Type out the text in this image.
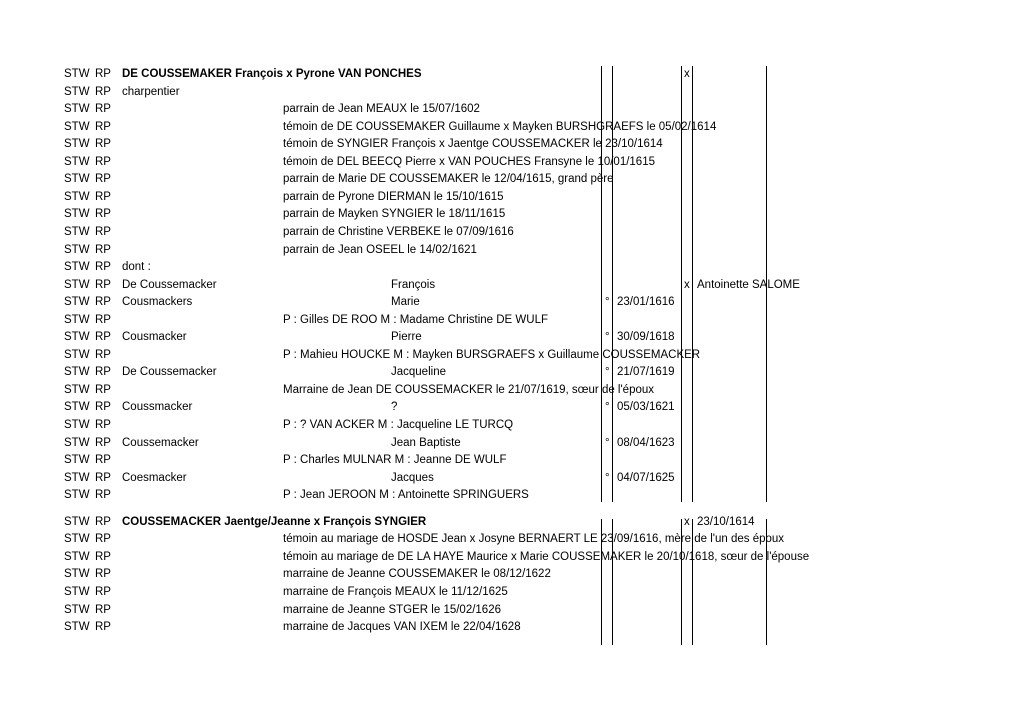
STW RP DE COUSSEMAKER François x Pyrone VAN PONCHES	x
STW RP charpentier
STW RP	parrain de Jean MEAUX le 15/07/1602
STW RP	témoin de DE COUSSEMAKER Guillaume x Mayken BURSHGRAEFS le 05/02/1614
STW RP	témoin de SYNGIER François x Jaentge COUSSEMACKER le 23/10/1614
STW RP	témoin de DEL BEECQ Pierre x VAN POUCHES Fransyne le 10/01/1615
STW RP	parrain de Marie DE COUSSEMAKER le 12/04/1615, grand père
STW RP	parrain de Pyrone DIERMAN le 15/10/1615
STW RP	parrain de Mayken SYNGIER le 18/11/1615
STW RP	parrain de Christine VERBEKE le 07/09/1616
STW RP	parrain de Jean OSEEL le 14/02/1621
STW RP dont :
STW RP De Coussemacker	François	x Antoinette SALOME
STW RP Cousmackers	Marie	° 23/01/1616
STW RP	P : Gilles DE ROO M : Madame Christine DE WULF
STW RP Cousmacker	Pierre	° 30/09/1618
STW RP	P : Mahieu HOUCKE M : Mayken BURSGRAEFS x Guillaume COUSSEMACKER
STW RP De Coussemacker	Jacqueline	° 21/07/1619
STW RP	Marraine de Jean DE COUSSEMACKER le 21/07/1619, sœur de l'époux
STW RP Coussmacker	?	° 05/03/1621
STW RP	P : ? VAN ACKER M : Jacqueline LE TURCQ
STW RP Coussemacker	Jean Baptiste	° 08/04/1623
STW RP	P : Charles MULNAR M : Jeanne DE WULF
STW RP Coesmacker	Jacques	° 04/07/1625
STW RP	P : Jean JEROON M : Antoinette SPRINGUERS
STW RP COUSSEMACKER Jaentge/Jeanne x François SYNGIER	x 23/10/1614
STW RP	témoin au mariage de HOSDE Jean x Josyne BERNAERT LE 23/09/1616, mère de l'un des époux
STW RP	témoin au mariage de DE LA HAYE Maurice x Marie COUSSEMAKER le 20/10/1618, sœur de l'épouse
STW RP	marraine de Jeanne COUSSEMAKER le 08/12/1622
STW RP	marraine de François MEAUX le 11/12/1625
STW RP	marraine de Jeanne STGER le 15/02/1626
STW RP	marraine de Jacques VAN IXEM le 22/04/1628
